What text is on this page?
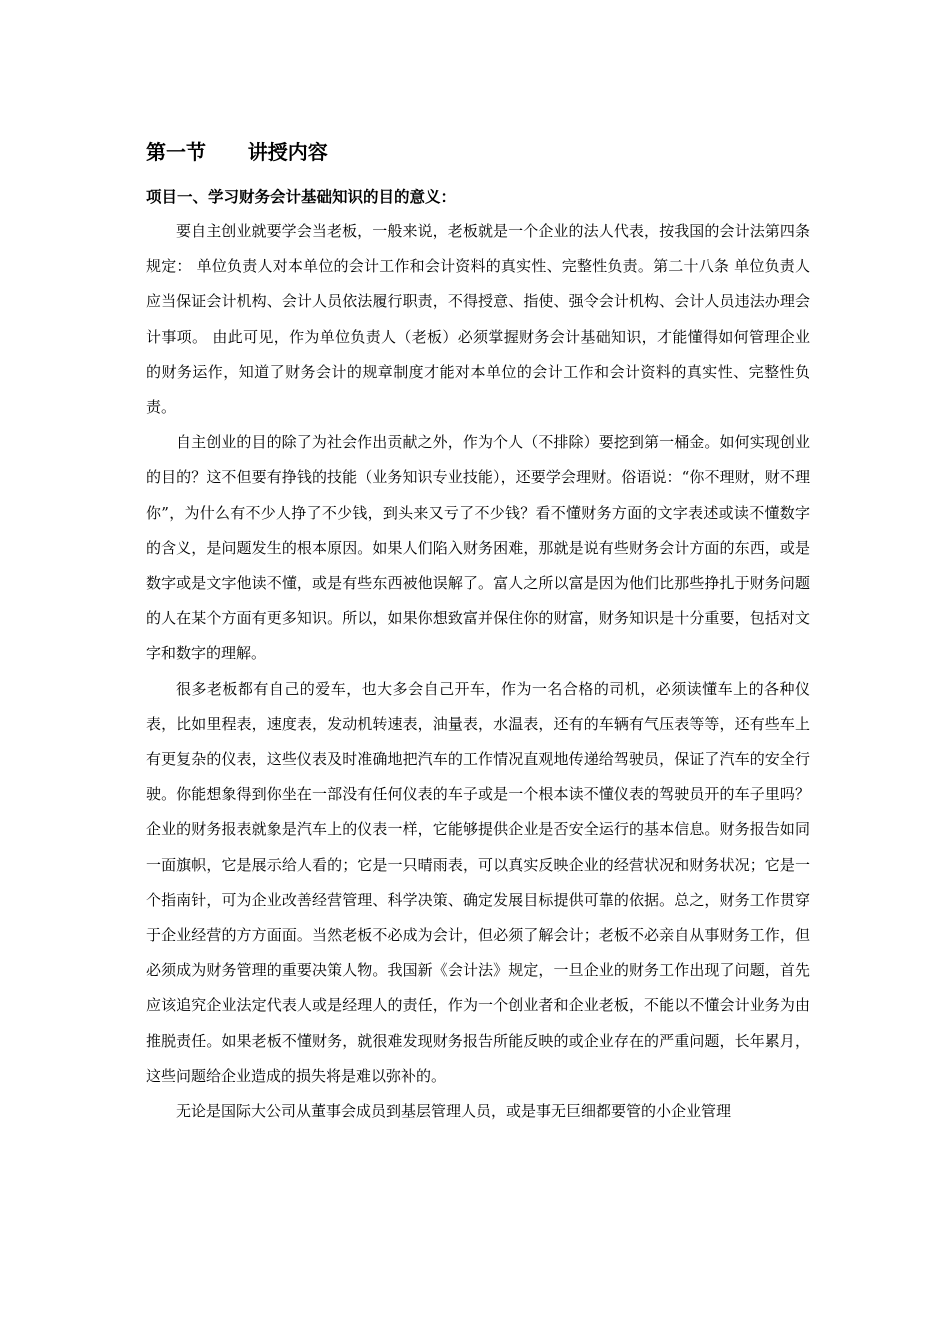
第一节      讲授内容
项目一、学习财务会计基础知识的目的意义：

要自主创业就要学会当老板，一般来说，老板就是一个企业的法人代表，按我国的会计法第四条规定： 单位负责人对本单位的会计工作和会计资料的真实性、完整性负责。第二十八条 单位负责人应当保证会计机构、会计人员依法履行职责，不得授意、指使、强令会计机构、会计人员违法办理会计事项。 由此可见，作为单位负责人（老板）必须掌握财务会计基础知识，才能懂得如何管理企业的财务运作，知道了财务会计的规章制度才能对本单位的会计工作和会计资料的真实性、完整性负责。

自主创业的目的除了为社会作出贡献之外，作为个人（不排除）要挖到第一桶金。如何实现创业的目的？这不但要有挣钱的技能（业务知识专业技能），还要学会理财。俗语说：“你不理财，财不理你”，为什么有不少人挣了不少钱，到头来又亏了不少钱？看不懂财务方面的文字表述或读不懂数字的含义，是问题发生的根本原因。如果人们陷入财务困难，那就是说有些财务会计方面的东西，或是数字或是文字他读不懂，或是有些东西被他误解了。富人之所以富是因为他们比那些挣扎于财务问题的人在某个方面有更多知识。所以，如果你想致富并保住你的财富，财务知识是十分重要，包括对文字和数字的理解。

很多老板都有自己的爱车，也大多会自己开车，作为一名合格的司机，必须读懂车上的各种仪表，比如里程表，速度表，发动机转速表，油量表，水温表，还有的车辆有气压表等等，还有些车上有更复杂的仪表，这些仪表及时准确地把汽车的工作情况直观地传递给驾驶员，保证了汽车的安全行驶。你能想象得到你坐在一部没有任何仪表的车子或是一个根本读不懂仪表的驾驶员开的车子里吗？企业的财务报表就象是汽车上的仪表一样，它能够提供企业是否安全运行的基本信息。财务报告如同一面旗帜，它是展示给人看的；它是一只晴雨表，可以真实反映企业的经营状况和财务状况；它是一个指南针，可为企业改善经营管理、科学决策、确定发展目标提供可靠的依据。总之，财务工作贯穿于企业经营的方方面面。当然老板不必成为会计，但必须了解会计；老板不必亲自从事财务工作，但必须成为财务管理的重要决策人物。我国新《会计法》规定，一旦企业的财务工作出现了问题，首先应该追究企业法定代表人或是经理人的责任，作为一个创业者和企业老板，不能以不懂会计业务为由推脱责任。如果老板不懂财务，就很难发现财务报告所能反映的或企业存在的严重问题，长年累月，这些问题给企业造成的损失将是难以弥补的。

无论是国际大公司从董事会成员到基层管理人员，或是事无巨细都要管的小企业管理
